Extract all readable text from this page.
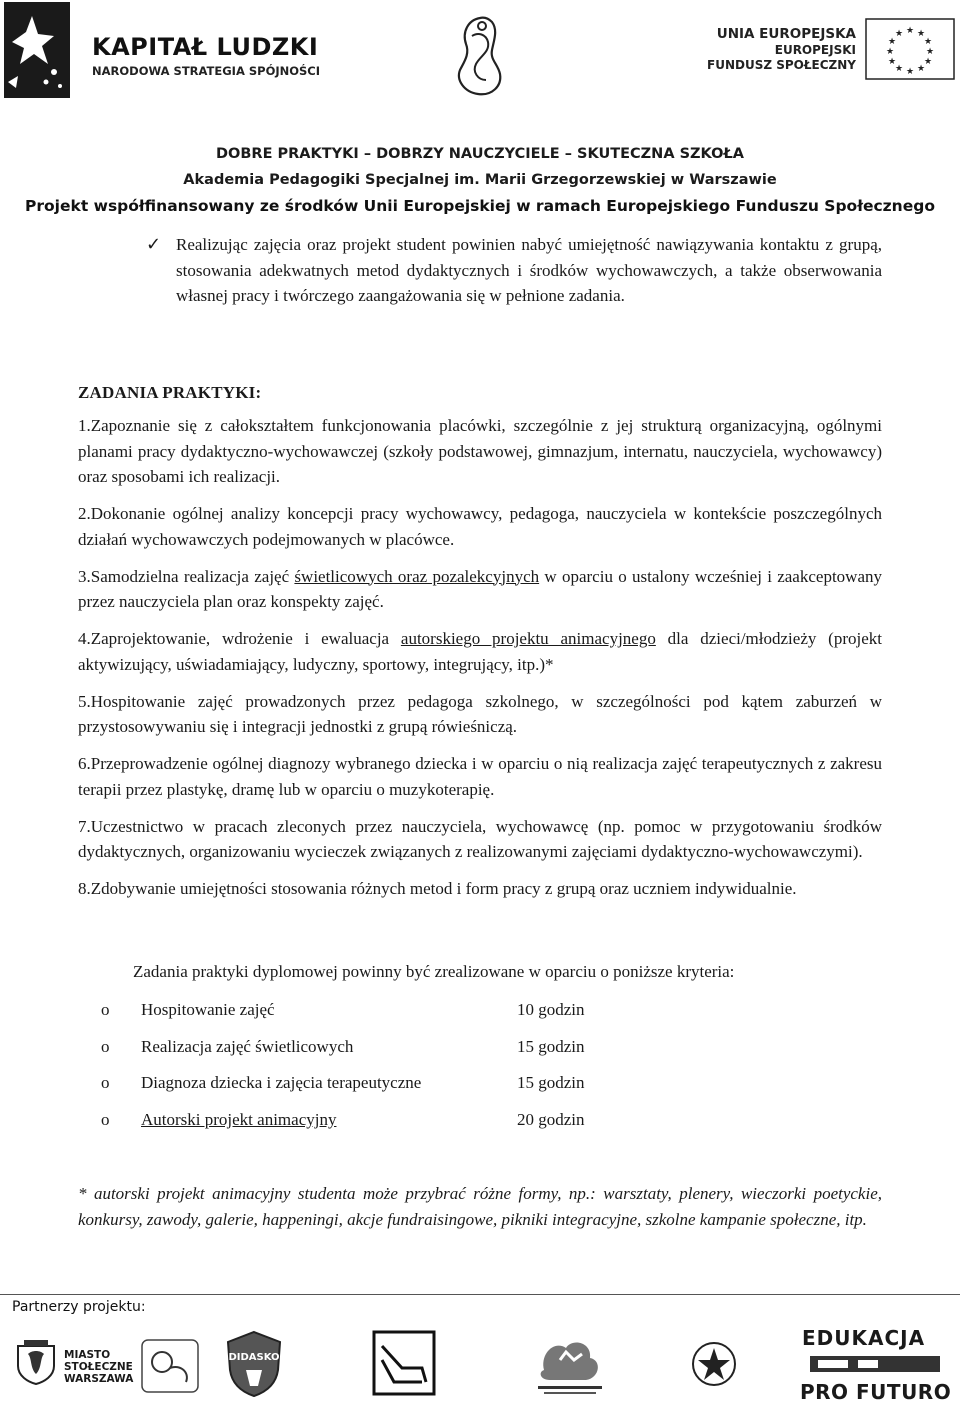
KAPITAŁ LUDZKI
NARODOWA STRATEGIA SPÓJNOŚCI
UNIA EUROPEJSKA
EUROPEJSKI
FUNDUSZ SPOŁECZNY
★ ★
★
★
★
★
★
★
★
★
★
★
DOBRE PRAKTYKI – DOBRZY NAUCZYCIELE – SKUTECZNA SZKOŁA
Akademia Pedagogiki Specjalnej im. Marii Grzegorzewskiej w Warszawie
Projekt współfinansowany ze środków Unii Europejskiej w ramach Europejskiego Funduszu Społecznego
✓ Realizując zajęcia oraz projekt student powinien nabyć umiejętność nawiązywania kontaktu z grupą, stosowania adekwatnych metod dydaktycznych i środków wychowawczych, a także obserwowania własnej pracy i twórczego zaangażowania się w pełnione zadania.
ZADANIA PRAKTYKI:

1.Zapoznanie się z całokształtem funkcjonowania placówki, szczególnie z jej strukturą organizacyjną, ogólnymi planami pracy dydaktyczno-wychowawczej (szkoły podstawowej, gimnazjum, internatu, nauczyciela, wychowawcy) oraz sposobami ich realizacji.

2.Dokonanie ogólnej analizy koncepcji pracy wychowawcy, pedagoga, nauczyciela w kontekście poszczególnych działań wychowawczych podejmowanych w placówce.

3.Samodzielna realizacja zajęć świetlicowych oraz pozalekcyjnych w oparciu o ustalony wcześniej i zaakceptowany przez nauczyciela plan oraz konspekty zajęć.

4.Zaprojektowanie, wdrożenie i ewaluacja autorskiego projektu animacyjnego dla dzieci/młodzieży (projekt aktywizujący, uświadamiający, ludyczny, sportowy, integrujący, itp.)*

5.Hospitowanie zajęć prowadzonych przez pedagoga szkolnego, w szczególności pod kątem zaburzeń w przystosowywaniu się i integracji jednostki z grupą rówieśniczą.

6.Przeprowadzenie ogólnej diagnozy wybranego dziecka i w oparciu o nią realizacja zajęć terapeutycznych z zakresu terapii przez plastykę, dramę lub w oparciu o muzykoterapię.

7.Uczestnictwo w pracach zleconych przez nauczyciela, wychowawcę (np. pomoc w przygotowaniu środków dydaktycznych, organizowaniu wycieczek związanych z realizowanymi zajęciami dydaktyczno-wychowawczymi).

8.Zdobywanie umiejętności stosowania różnych metod i form pracy z grupą oraz uczniem indywidualnie.

Zadania praktyki dyplomowej powinny być zrealizowane w oparciu o poniższe kryteria:
o Hospitowanie zajęć	10 godzin
o Realizacja zajęć świetlicowych	15 godzin
o Diagnoza dziecka i zajęcia terapeutyczne	15 godzin
o Autorski projekt animacyjny	20 godzin
* autorski projekt animacyjny studenta może przybrać różne formy, np.: warsztaty, plenery, wieczorki poetyckie, konkursy, zawody, galerie, happeningi, akcje fundraisingowe, pikniki integracyjne, szkolne kampanie społeczne, itp.
Partnerzy projektu:
MIASTO
STOŁECZNE
WARSZAWA
DIDASKO
EDUKACJA
PRO FUTURO
